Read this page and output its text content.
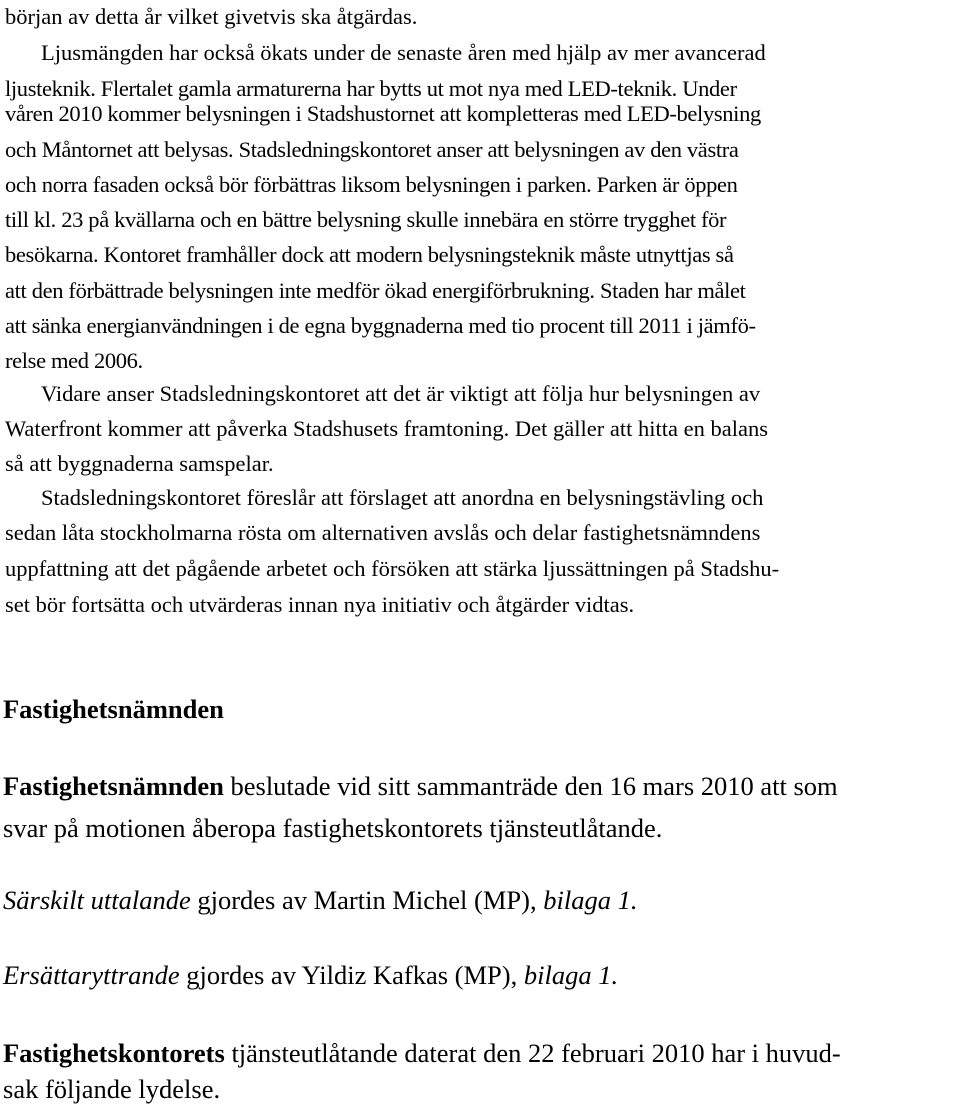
början av detta år vilket givetvis ska åtgärdas.
Ljusmängden har också ökats under de senaste åren med hjälp av mer avancerad
ljusteknik. Flertalet gamla armaturerna har bytts ut mot nya med LED-teknik. Under
våren 2010 kommer belysningen i Stadshustornet att kompletteras med LED-belysning
och Måntornet att belysas. Stadsledningskontoret anser att belysningen av den västra
och norra fasaden också bör förbättras liksom belysningen i parken. Parken är öppen
till kl. 23 på kvällarna och en bättre belysning skulle innebära en större trygghet för
besökarna. Kontoret framhåller dock att modern belysningsteknik måste utnyttjas så
att den förbättrade belysningen inte medför ökad energiförbrukning. Staden har målet
att sänka energianvändningen i de egna byggnaderna med tio procent till 2011 i jämfö-
relse med 2006.
Vidare anser Stadsledningskontoret att det är viktigt att följa hur belysningen av
Waterfront kommer att påverka Stadshusets framtoning. Det gäller att hitta en balans
så att byggnaderna samspelar.
Stadsledningskontoret föreslår att förslaget att anordna en belysningstävling och
sedan låta stockholmarna rösta om alternativen avslås och delar fastighetsnämndens
uppfattning att det pågående arbetet och försöken att stärka ljussättningen på Stadshu-
set bör fortsätta och utvärderas innan nya initiativ och åtgärder vidtas.
Fastighetsnämnden
Fastighetsnämnden beslutade vid sitt sammanträde den 16 mars 2010 att som
svar på motionen åberopa fastighetskontorets tjänsteutlåtande.
Särskilt uttalande gjordes av Martin Michel (MP), bilaga 1.
Ersättaryttrande gjordes av Yildiz Kafkas (MP), bilaga 1.
Fastighetskontorets tjänsteutlåtande daterat den 22 februari 2010 har i huvud-
sak följande lydelse.
